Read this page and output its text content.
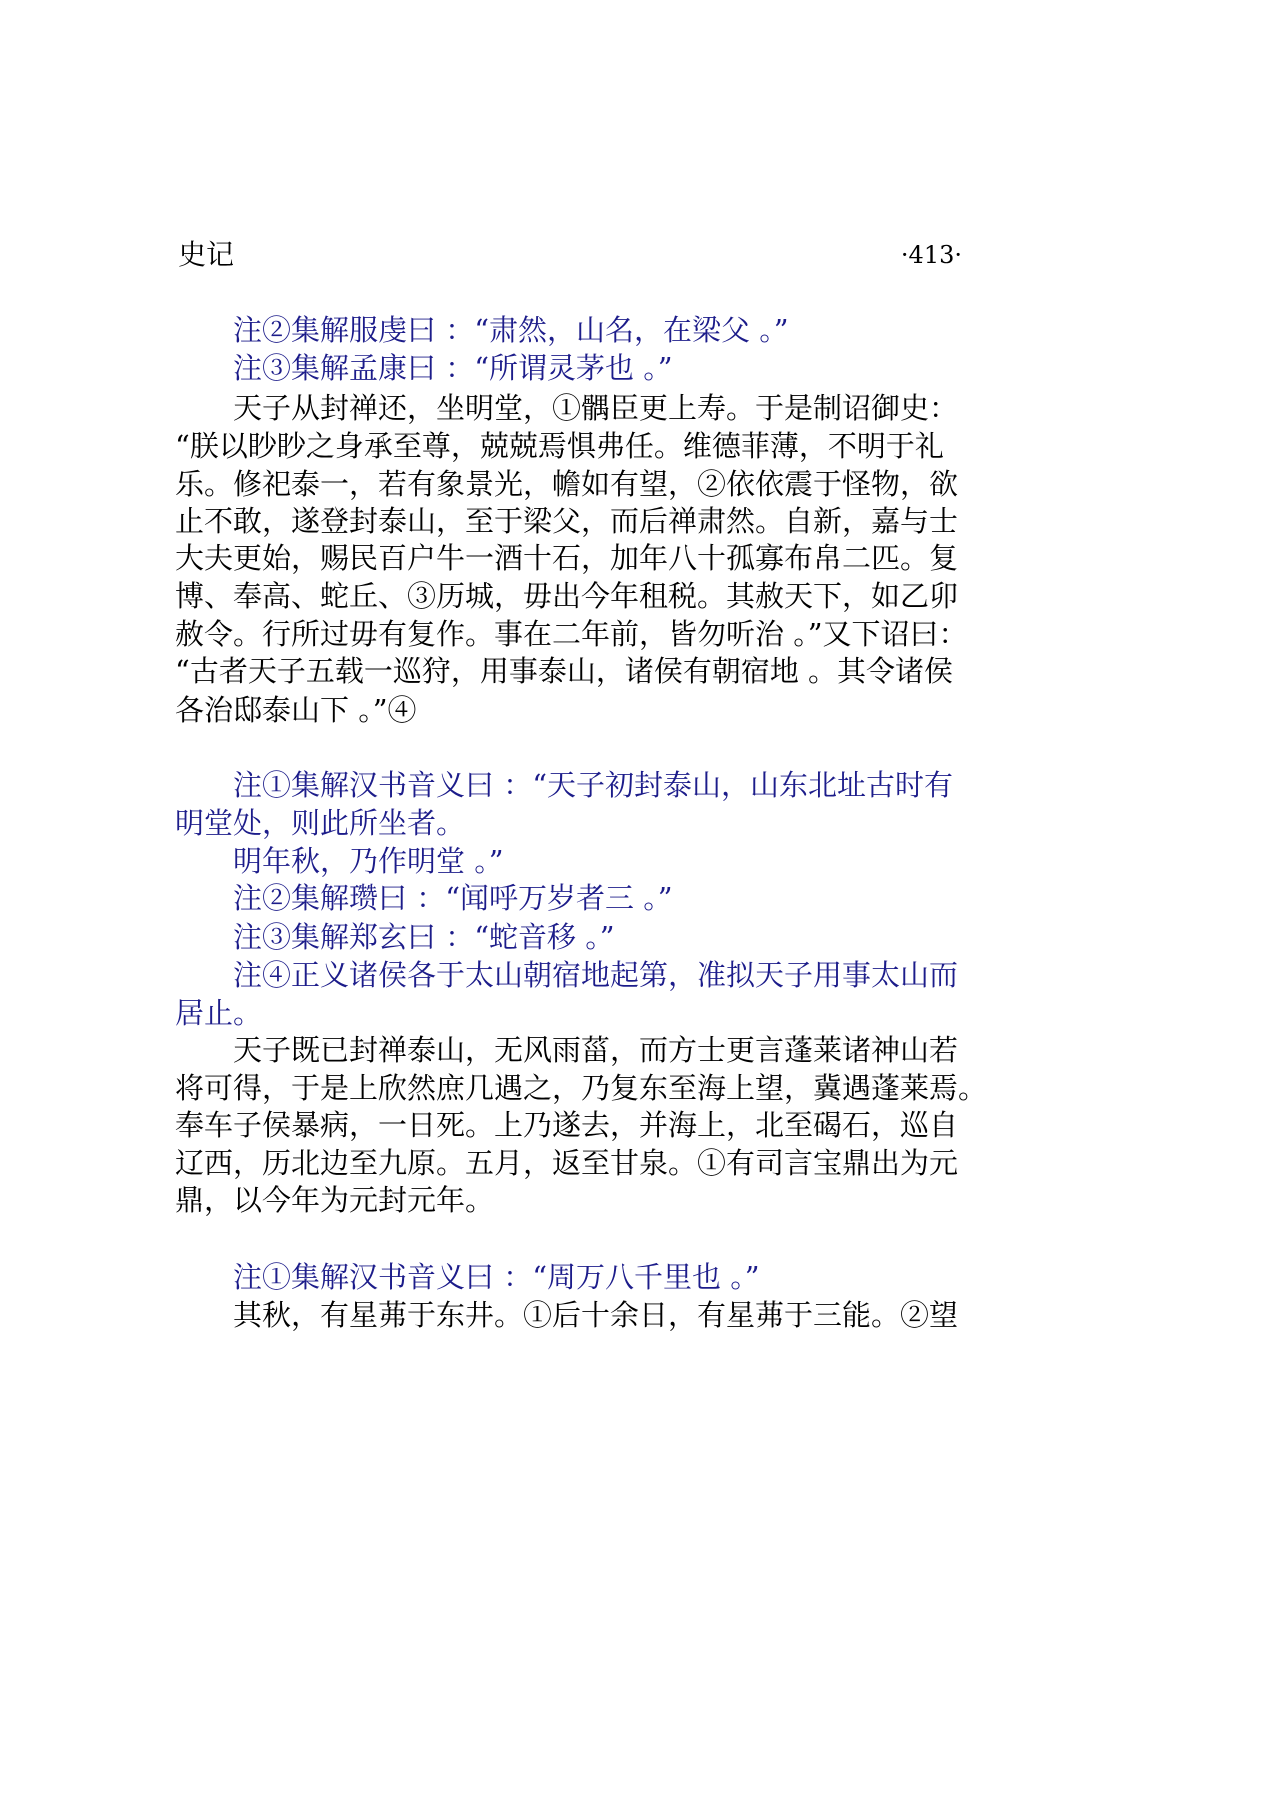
史记	·413·
注②集解服虔曰 ：“肃然，山名，在梁父 。”
注③集解孟康曰 ：“所谓灵茅也 。”
天子从封禅还，坐明堂，①髃臣更上寿。于是制诏御史：
“朕以眇眇之身承至尊，兢兢焉惧弗任。维德菲薄，不明于礼
乐。修祀泰一，若有象景光，幨如有望，②依依震于怪物，欲
止不敢，遂登封泰山，至于梁父，而后禅肃然。自新，嘉与士
大夫更始，赐民百户牛一酒十石，加年八十孤寡布帛二匹。复
博、奉高、蛇丘、③历城，毋出今年租税。其赦天下，如乙卯
赦令。行所过毋有复作。事在二年前，皆勿听治 。”又下诏曰：
“古者天子五载一巡狩，用事泰山，诸侯有朝宿地 。其令诸侯
各治邸泰山下 。”④
注①集解汉书音义曰 ：“天子初封泰山，山东北址古时有
明堂处，则此所坐者。
明年秋，乃作明堂 。”
注②集解瓒曰 ：“闻呼万岁者三 。”
注③集解郑玄曰 ：“蛇音移 。”
注④正义诸侯各于太山朝宿地起第，准拟天子用事太山而
居止。
天子既已封禅泰山，无风雨菑，而方士更言蓬莱诸神山若
将可得，于是上欣然庶几遇之，乃复东至海上望，冀遇蓬莱焉。
奉车子侯暴病，一日死。上乃遂去，并海上，北至碣石，巡自
辽西，历北边至九原。五月，返至甘泉。①有司言宝鼎出为元
鼎，以今年为元封元年。
注①集解汉书音义曰 ：“周万八千里也 。”
其秋，有星茀于东井。①后十余日，有星茀于三能。②望
